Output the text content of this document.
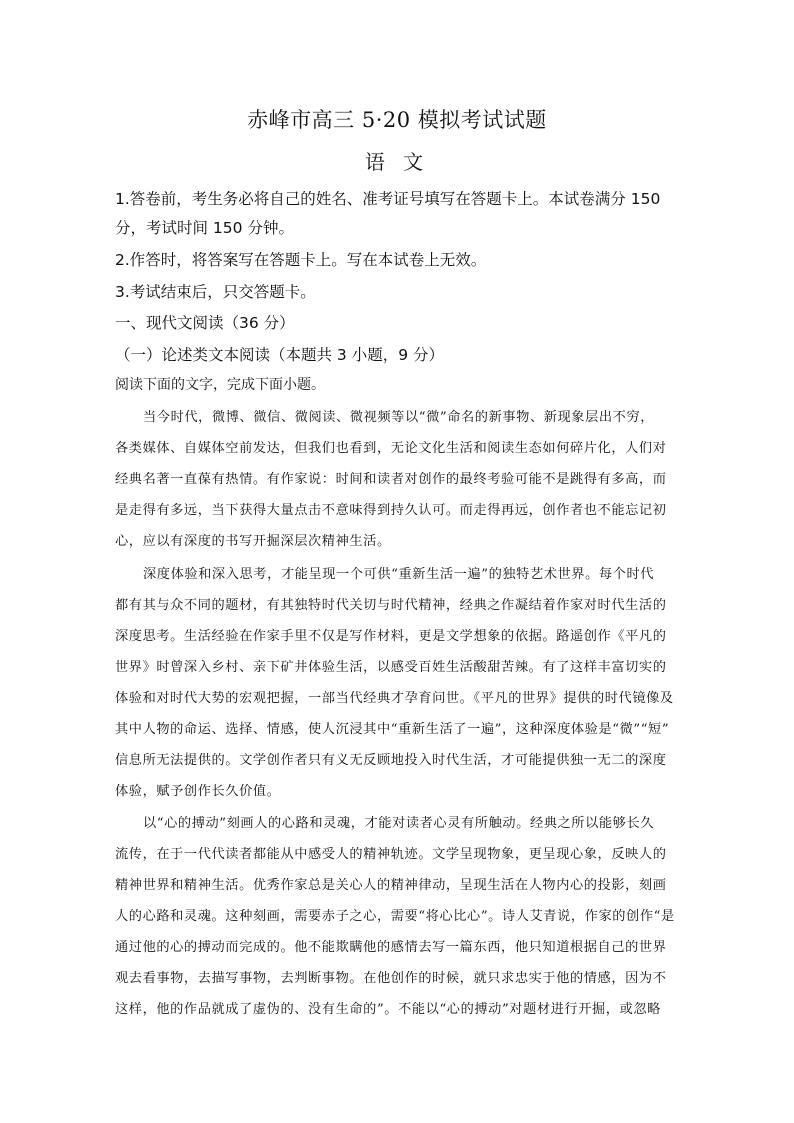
赤峰市高三 5·20 模拟考试试题
语 文
1.答卷前，考生务必将自己的姓名、准考证号填写在答题卡上。本试卷满分 150
分，考试时间 150 分钟。
2.作答时，将答案写在答题卡上。写在本试卷上无效。
3.考试结束后，只交答题卡。
一、现代文阅读（36 分）
（一）论述类文本阅读（本题共 3 小题，9 分）
阅读下面的文字，完成下面小题。
当今时代，微博、微信、微阅读、微视频等以“微”命名的新事物、新现象层出不穷，
各类媒体、自媒体空前发达，但我们也看到，无论文化生活和阅读生态如何碎片化，人们对
经典名著一直葆有热情。有作家说：时间和读者对创作的最终考验可能不是跳得有多高，而
是走得有多远，当下获得大量点击不意味得到持久认可。而走得再远，创作者也不能忘记初
心，应以有深度的书写开掘深层次精神生活。
深度体验和深入思考，才能呈现一个可供“重新生活一遍”的独特艺术世界。每个时代
都有其与众不同的题材，有其独特时代关切与时代精神，经典之作凝结着作家对时代生活的
深度思考。生活经验在作家手里不仅是写作材料，更是文学想象的依据。路遥创作《平凡的
世界》时曾深入乡村、亲下矿井体验生活，以感受百姓生活酸甜苦辣。有了这样丰富切实的
体验和对时代大势的宏观把握，一部当代经典才孕育问世。《平凡的世界》提供的时代镜像及
其中人物的命运、选择、情感，使人沉浸其中“重新生活了一遍”，这种深度体验是“微”“短”
信息所无法提供的。文学创作者只有义无反顾地投入时代生活，才可能提供独一无二的深度
体验，赋予创作长久价值。
以“心的搏动”刻画人的心路和灵魂，才能对读者心灵有所触动。经典之所以能够长久
流传，在于一代代读者都能从中感受人的精神轨迹。文学呈现物象，更呈现心象，反映人的
精神世界和精神生活。优秀作家总是关心人的精神律动，呈现生活在人物内心的投影，刻画
人的心路和灵魂。这种刻画，需要赤子之心，需要“将心比心”。诗人艾青说，作家的创作“是
通过他的心的搏动而完成的。他不能欺瞒他的感情去写一篇东西，他只知道根据自己的世界
观去看事物，去描写事物，去判断事物。在他创作的时候，就只求忠实于他的情感，因为不
这样，他的作品就成了虚伪的、没有生命的”。不能以“心的搏动”对题材进行开掘，或忽略
